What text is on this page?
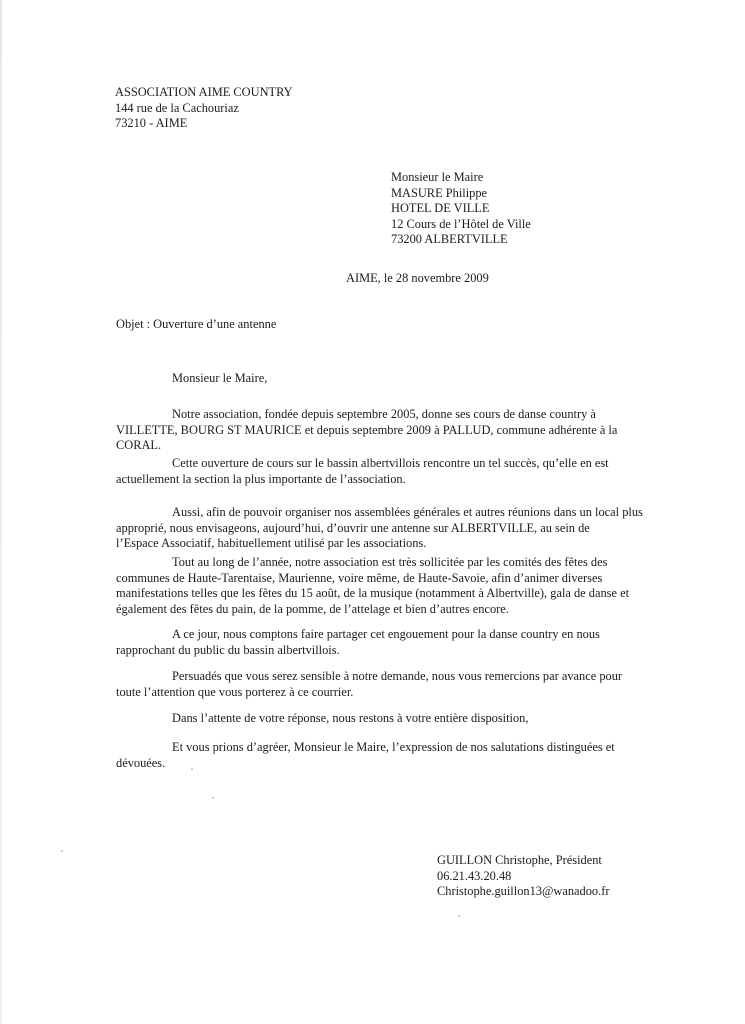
ASSOCIATION AIME COUNTRY
144 rue de la Cachouriaz
73210 - AIME
Monsieur le Maire
MASURE Philippe
HOTEL DE VILLE
12 Cours de l’Hôtel de Ville
73200 ALBERTVILLE
AIME, le 28 novembre 2009
Objet : Ouverture d’une antenne
Monsieur le Maire,
Notre association, fondée depuis septembre 2005, donne ses cours de danse country à
VILLETTE, BOURG ST MAURICE et depuis septembre 2009 à PALLUD, commune adhérente à la
CORAL.
Cette ouverture de cours sur le bassin albertvillois rencontre un tel succès, qu’elle en est
actuellement la section la plus importante de l’association.
Aussi, afin de pouvoir organiser nos assemblées générales et autres réunions dans un local plus
approprié, nous envisageons, aujourd’hui, d’ouvrir une antenne sur ALBERTVILLE, au sein de
l’Espace Associatif, habituellement utilisé par les associations.
Tout au long de l’année, notre association est très sollicitée par les comités des fêtes des
communes de Haute-Tarentaise, Maurienne, voire même, de Haute-Savoie, afin d’animer diverses
manifestations telles que les fêtes du 15 août, de la musique (notamment à Albertville), gala de danse et
également des fêtes du pain, de la pomme, de l’attelage et bien d’autres encore.
A ce jour, nous comptons faire partager cet engouement pour la danse country en nous
rapprochant du public du bassin albertvillois.
Persuadés que vous serez sensible à notre demande, nous vous remercions par avance pour
toute l’attention que vous porterez à ce courrier.
Dans l’attente de votre réponse, nous restons à votre entière disposition,
Et vous prions d’agréer, Monsieur le Maire, l’expression de nos salutations distinguées et
dévouées.
GUILLON Christophe, Président
06.21.43.20.48
Christophe.guillon13@wanadoo.fr
